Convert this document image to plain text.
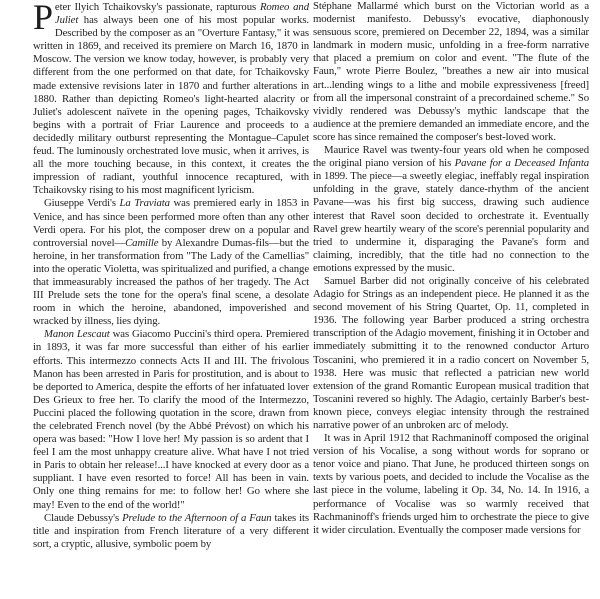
Peter Ilyich Tchaikovsky's passionate, rapturous Romeo and Juliet has always been one of his most popular works. Described by the composer as an "Overture Fantasy," it was written in 1869, and received its premiere on March 16, 1870 in Moscow. The version we know today, however, is probably very different from the one performed on that date, for Tchaikovsky made extensive revisions later in 1870 and further alterations in 1880. Rather than depicting Romeo's light-hearted alacrity or Juliet's adolescent naïvete in the opening pages, Tchaikovsky begins with a portrait of Friar Laurence and proceeds to a decidedly military outburst representing the Montague–Capulet feud. The luminously orchestrated love music, when it arrives, is all the more touching because, in this context, it creates the impression of radiant, youthful innocence recaptured, with Tchaikovsky rising to his most magnificent lyricism.

Giuseppe Verdi's La Traviata was premiered early in 1853 in Venice, and has since been performed more often than any other Verdi opera. For his plot, the composer drew on a popular and controversial novel—Camille by Alexandre Dumas-fils—but the heroine, in her transformation from "The Lady of the Camellias" into the operatic Violetta, was spiritualized and purified, a change that immeasurably increased the pathos of her tragedy. The Act III Prelude sets the tone for the opera's final scene, a desolate room in which the heroine, abandoned, impoverished and wracked by illness, lies dying.

Manon Lescaut was Giacomo Puccini's third opera. Premiered in 1893, it was far more successful than either of his earlier efforts. This intermezzo connects Acts II and III. The frivolous Manon has been arrested in Paris for prostitution, and is about to be deported to America, despite the efforts of her infatuated lover Des Grieux to free her. To clarify the mood of the Intermezzo, Puccini placed the following quotation in the score, drawn from the celebrated French novel (by the Abbé Prévost) on which his opera was based: "How I love her! My passion is so ardent that I feel I am the most unhappy creature alive. What have I not tried in Paris to obtain her release!...I have knocked at every door as a suppliant. I have even resorted to force! All has been in vain. Only one thing remains for me: to follow her! Go where she may! Even to the end of the world!"

Claude Debussy's Prelude to the Afternoon of a Faun takes its title and inspiration from French literature of a very different sort, a cryptic, allusive, symbolic poem by

Stéphane Mallarmé which burst on the Victorian world as a modernist manifesto. Debussy's evocative, diaphonously sensuous score, premiered on December 22, 1894, was a similar landmark in modern music, unfolding in a free-form narrative that placed a premium on color and event. "The flute of the Faun," wrote Pierre Boulez, "breathes a new air into musical art...lending wings to a lithe and mobile expressiveness [freed] from all the impersonal constraint of a precordained scheme." So vividly rendered was Debussy's mythic landscape that the audience at the premiere demanded an immediate encore, and the score has since remained the composer's best-loved work.

Maurice Ravel was twenty-four years old when he composed the original piano version of his Pavane for a Deceased Infanta in 1899. The piece—a sweetly elegiac, ineffably regal inspiration unfolding in the grave, stately dance-rhythm of the ancient Pavane—was his first big success, drawing such audience interest that Ravel soon decided to orchestrate it. Eventually Ravel grew heartily weary of the score's perennial popularity and tried to undermine it, disparaging the Pavane's form and claiming, incredibly, that the title had no connection to the emotions expressed by the music.

Samuel Barber did not originally conceive of his celebrated Adagio for Strings as an independent piece. He planned it as the second movement of his String Quartet, Op. 11, completed in 1936. The following year Barber produced a string orchestra transcription of the Adagio movement, finishing it in October and immediately submitting it to the renowned conductor Arturo Toscanini, who premiered it in a radio concert on November 5, 1938. Here was music that reflected a patrician new world extension of the grand Romantic European musical tradition that Toscanini revered so highly. The Adagio, certainly Barber's best-known piece, conveys elegiac intensity through the restrained narrative power of an unbroken arc of melody.

It was in April 1912 that Rachmaninoff composed the original version of his Vocalise, a song without words for soprano or tenor voice and piano. That June, he produced thirteen songs on texts by various poets, and decided to include the Vocalise as the last piece in the volume, labeling it Op. 34, No. 14. In 1916, a performance of Vocalise was so warmly received that Rachmaninoff's friends urged him to orchestrate the piece to give it wider circulation. Eventually the composer made versions for
